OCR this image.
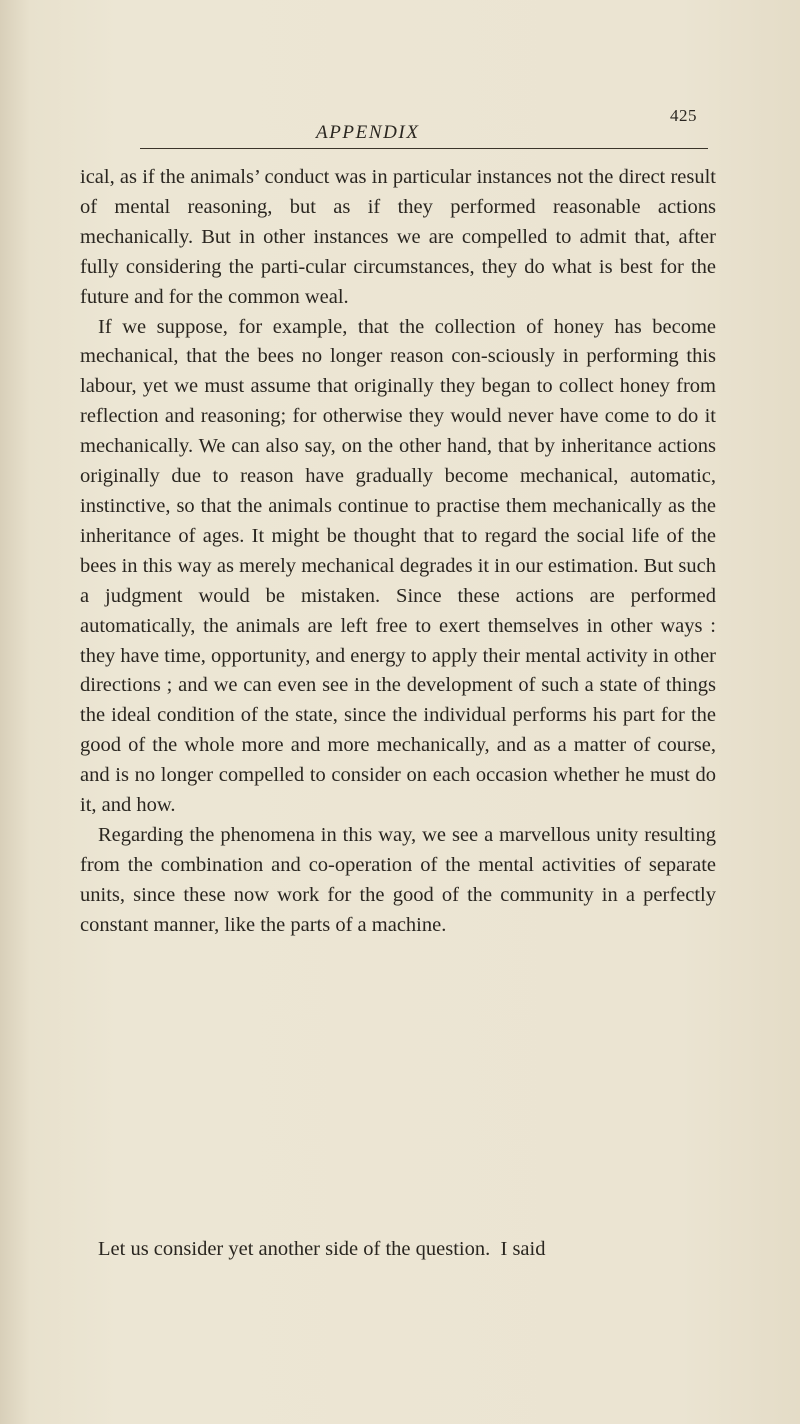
APPENDIX
425

ical, as if the animals’ conduct was in particular instances not the direct result of mental reasoning, but as if they performed reasonable actions mechanically. But in other instances we are compelled to admit that, after fully considering the parti-cular circumstances, they do what is best for the future and for the common weal.

If we suppose, for example, that the collection of honey has become mechanical, that the bees no longer reason con-sciously in performing this labour, yet we must assume that originally they began to collect honey from reflection and reasoning; for otherwise they would never have come to do it mechanically. We can also say, on the other hand, that by inheritance actions originally due to reason have gradually become mechanical, automatic, instinctive, so that the animals continue to practise them mechanically as the inheritance of ages. It might be thought that to regard the social life of the bees in this way as merely mechanical degrades it in our estimation. But such a judgment would be mistaken. Since these actions are performed automatically, the animals are left free to exert themselves in other ways : they have time, opportunity, and energy to apply their mental activity in other directions ; and we can even see in the development of such a state of things the ideal condition of the state, since the individual performs his part for the good of the whole more and more mechanically, and as a matter of course, and is no longer compelled to consider on each occasion whether he must do it, and how.

Regarding the phenomena in this way, we see a marvellous unity resulting from the combination and co-operation of the mental activities of separate units, since these now work for the good of the community in a perfectly constant manner, like the parts of a machine.

Let us consider yet another side of the question.  I said
